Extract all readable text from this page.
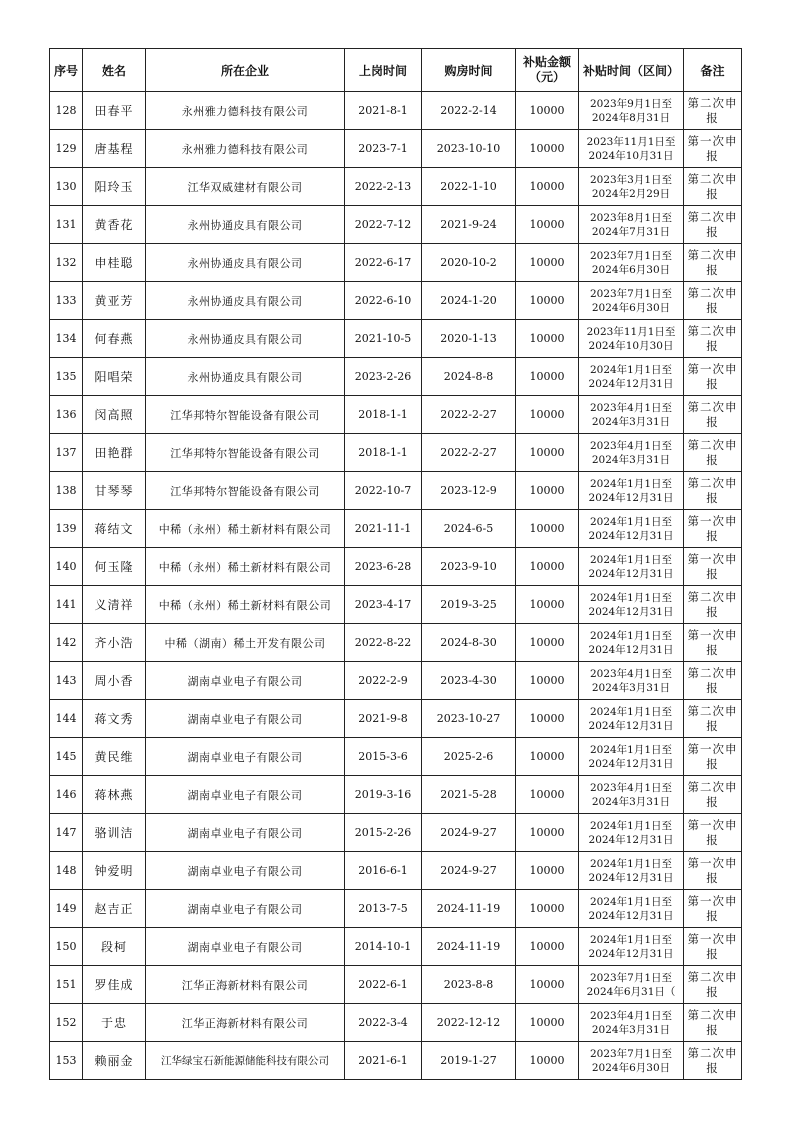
序号	姓名	所在企业	上岗时间	购房时间	补贴金额（元）	补贴时间（区间）	备注
128	田春平	永州雅力德科技有限公司	2021-8-1	2022-2-14	10000	2023年9月1日至
2024年8月31日	第二次申报
129	唐基程	永州雅力德科技有限公司	2023-7-1	2023-10-10	10000	2023年11月1日至
2024年10月31日	第一次申报
130	阳玲玉	江华双威建材有限公司	2022-2-13	2022-1-10	10000	2023年3月1日至
2024年2月29日	第二次申报
131	黄香花	永州协通皮具有限公司	2022-7-12	2021-9-24	10000	2023年8月1日至
2024年7月31日	第二次申报
132	申桂聪	永州协通皮具有限公司	2022-6-17	2020-10-2	10000	2023年7月1日至
2024年6月30日	第二次申报
133	黄亚芳	永州协通皮具有限公司	2022-6-10	2024-1-20	10000	2023年7月1日至
2024年6月30日	第二次申报
134	何春燕	永州协通皮具有限公司	2021-10-5	2020-1-13	10000	2023年11月1日至
2024年10月30日	第二次申报
135	阳唱荣	永州协通皮具有限公司	2023-2-26	2024-8-8	10000	2024年1月1日至
2024年12月31日	第一次申报
136	闵高照	江华邦特尔智能设备有限公司	2018-1-1	2022-2-27	10000	2023年4月1日至
2024年3月31日	第二次申报
137	田艳群	江华邦特尔智能设备有限公司	2018-1-1	2022-2-27	10000	2023年4月1日至
2024年3月31日	第二次申报
138	甘琴琴	江华邦特尔智能设备有限公司	2022-10-7	2023-12-9	10000	2024年1月1日至
2024年12月31日	第二次申报
139	蒋结文	中稀（永州）稀土新材料有限公司	2021-11-1	2024-6-5	10000	2024年1月1日至
2024年12月31日	第一次申报
140	何玉隆	中稀（永州）稀土新材料有限公司	2023-6-28	2023-9-10	10000	2024年1月1日至
2024年12月31日	第一次申报
141	义清祥	中稀（永州）稀土新材料有限公司	2023-4-17	2019-3-25	10000	2024年1月1日至
2024年12月31日	第二次申报
142	齐小浩	中稀（湖南）稀土开发有限公司	2022-8-22	2024-8-30	10000	2024年1月1日至
2024年12月31日	第一次申报
143	周小香	湖南卓业电子有限公司	2022-2-9	2023-4-30	10000	2023年4月1日至
2024年3月31日	第二次申报
144	蒋文秀	湖南卓业电子有限公司	2021-9-8	2023-10-27	10000	2024年1月1日至
2024年12月31日	第二次申报
145	黄民维	湖南卓业电子有限公司	2015-3-6	2025-2-6	10000	2024年1月1日至
2024年12月31日	第一次申报
146	蒋林燕	湖南卓业电子有限公司	2019-3-16	2021-5-28	10000	2023年4月1日至
2024年3月31日	第二次申报
147	骆训洁	湖南卓业电子有限公司	2015-2-26	2024-9-27	10000	2024年1月1日至
2024年12月31日	第一次申报
148	钟爱明	湖南卓业电子有限公司	2016-6-1	2024-9-27	10000	2024年1月1日至
2024年12月31日	第一次申报
149	赵吉正	湖南卓业电子有限公司	2013-7-5	2024-11-19	10000	2024年1月1日至
2024年12月31日	第一次申报
150	段柯	湖南卓业电子有限公司	2014-10-1	2024-11-19	10000	2024年1月1日至
2024年12月31日	第一次申报
151	罗佳成	江华正海新材料有限公司	2022-6-1	2023-8-8	10000	2023年7月1日至
2024年6月31日（	第二次申报
152	于忠	江华正海新材料有限公司	2022-3-4	2022-12-12	10000	2023年4月1日至
2024年3月31日	第二次申报
153	赖丽金	江华绿宝石新能源储能科技有限公司	2021-6-1	2019-1-27	10000	2023年7月1日至
2024年6月30日	第二次申报
